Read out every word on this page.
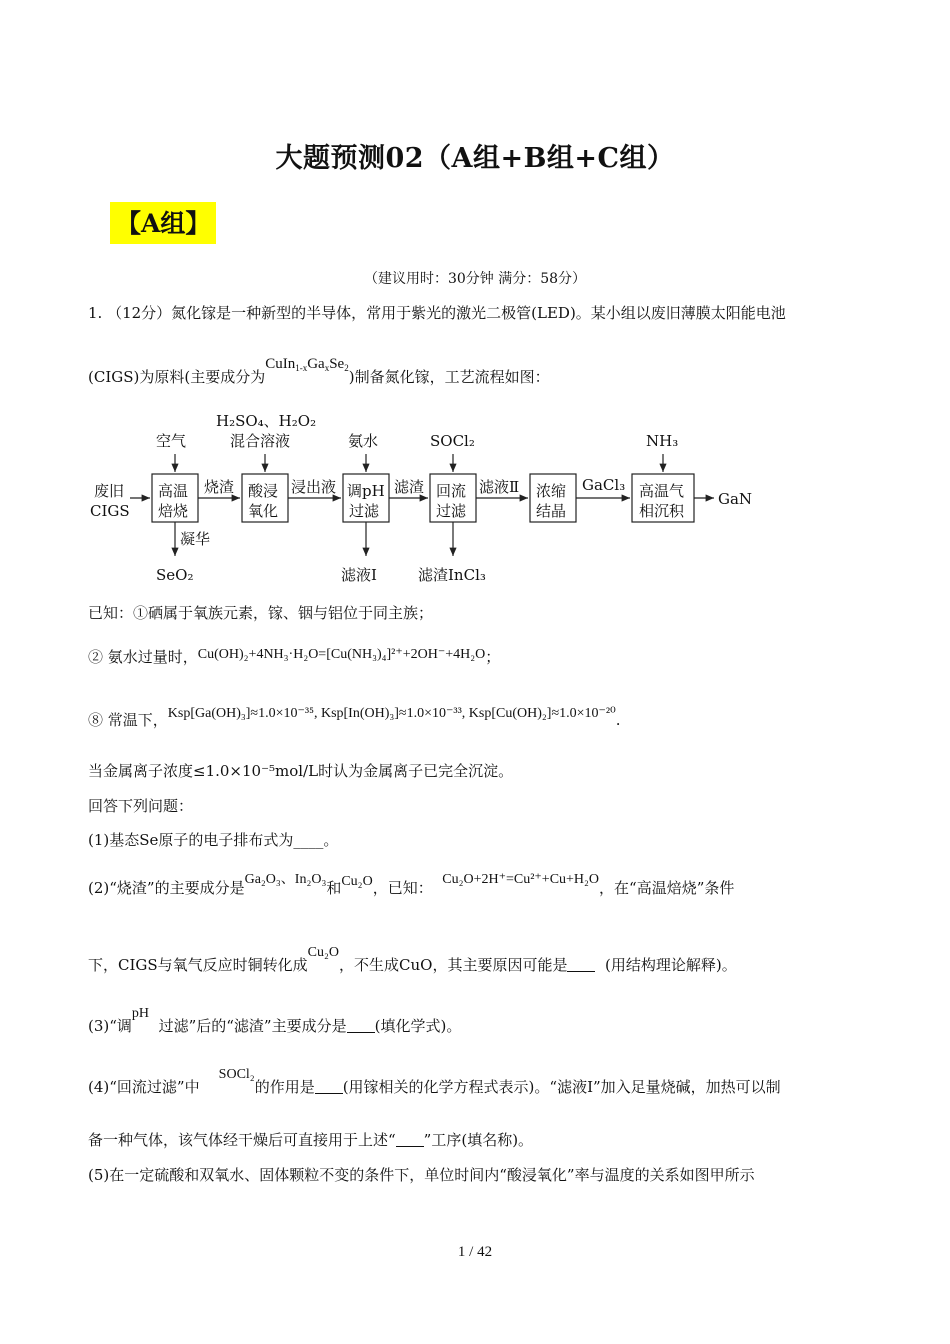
大题预测02（A组+B组+C组）
【A组】
（建议用时：30分钟 满分：58分）
1. （12分）氮化镓是一种新型的半导体，常用于紫光的激光二极管(LED)。某小组以废旧薄膜太阳能电池
(CIGS)为原料(主要成分为$CuIn_{1-x}Ga_xSe_2$)制备氮化镓，工艺流程如图：
废旧
CIGS
高温
焙烧
酸浸
氧化
调pH
过滤
回流
过滤
浓缩
结晶
高温气
相沉积
烧渣	浸出液	滤渣	滤液Ⅱ	GaCl₃
空气
H₂SO₄、H₂O₂
混合溶液	氨水	SOCl₂	NH₃
凝华
SeO₂	滤液Ⅰ	滤渣InCl₃
GaN
已知：①硒属于氧族元素，镓、铟与铝位于同主族；
② 氨水过量时，Cu(OH)₂+4NH₃·H₂O=[Cu(NH₃)₄]²⁺+2OH⁻+4H₂O；
⑧ 常温下，Ksp[Ga(OH)₃]≈1.0×10⁻³⁵, Ksp[In(OH)₃]≈1.0×10⁻³³, Ksp[Cu(OH)₂]≈1.0×10⁻²⁰.
当金属离子浓度≤1.0×10⁻⁵mol/L时认为金属离子已完全沉淀。
回答下列问题：
(1)基态Se原子的电子排布式为____。
(2)“烧渣”的主要成分是Ga₂O₃、In₂O₃和Cu₂O，已知： Cu₂O+2H⁺=Cu²⁺+Cu+H₂O，在“高温焙烧”条件
下，CIGS与氧气反应时铜转化成Cu₂O，不生成CuO，其主要原因可能是	(用结构理论解释)。
(3)“调pH  过滤”后的“滤渣”主要成分是 (填化学式)。
(4)“回流过滤”中    SOCl₂的作用是 (用镓相关的化学方程式表示)。“滤液Ⅰ”加入足量烧碱，加热可以制
备一种气体，该气体经干燥后可直接用于上述“ ”工序(填名称)。
(5)在一定硫酸和双氧水、固体颗粒不变的条件下，单位时间内“酸浸氧化”率与温度的关系如图甲所示
1 / 42
